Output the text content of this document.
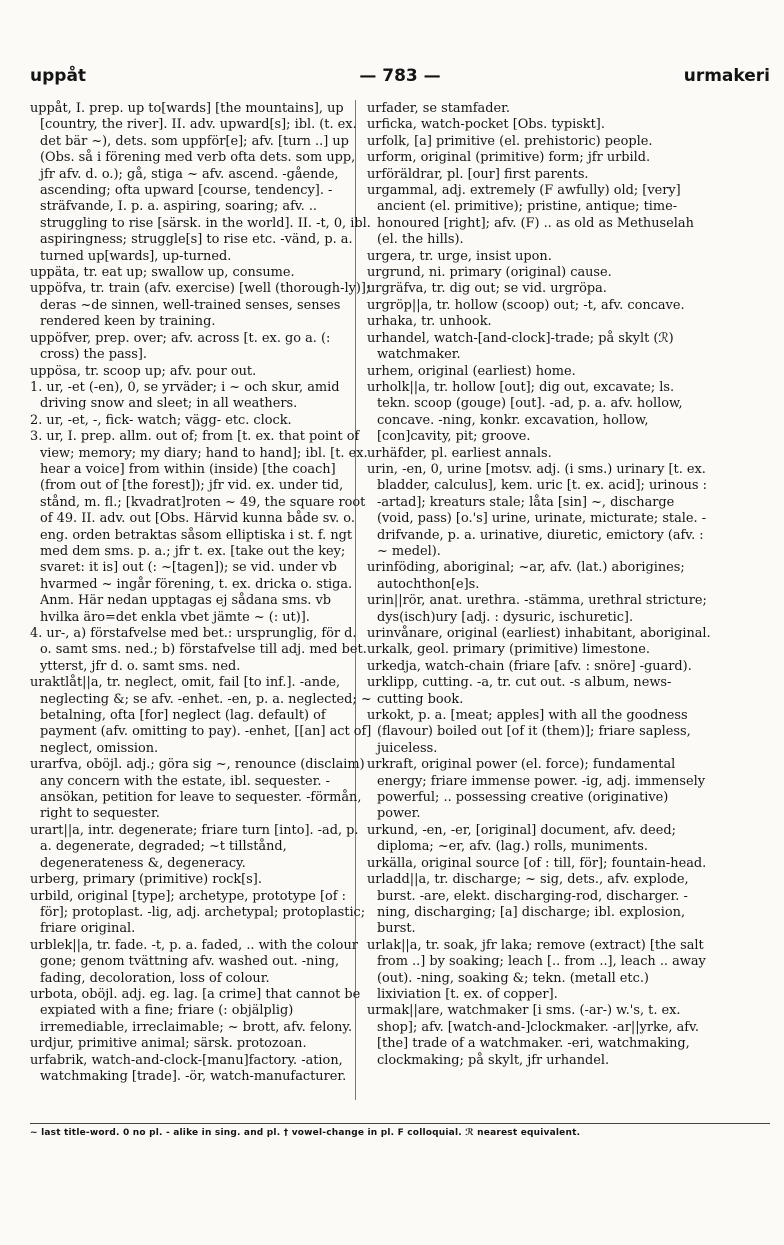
uppåt	— 783 —	urmakeri

uppåt, I. prep. up to[wards] [the mountains], up [country, the river]. II. adv. upward[s]; ibl. (t. ex. det bär ~), dets. som uppför[e]; afv. [turn ..] up (Obs. så i förening med verb ofta dets. som upp, jfr afv. d. o.); gå, stiga ~ afv. ascend. -gående, ascending; ofta upward [course, tendency]. -sträfvande, I. p. a. aspiring, soaring; afv. .. struggling to rise [särsk. in the world]. II. -t, 0, ibl. aspiringness; struggle[s] to rise etc. -vänd, p. a. turned up[wards], up-turned.

uppäta, tr. eat up; swallow up, consume.

uppöfva, tr. train (afv. exercise) [well (thorough-ly)]; deras ~de sinnen, well-trained senses, senses rendered keen by training.

uppöfver, prep. over; afv. across [t. ex. go a. (: cross) the pass].

uppösa, tr. scoop up; afv. pour out.

1. ur, -et (-en), 0, se yrväder; i ~ och skur, amid driving snow and sleet; in all weathers.

2. ur, -et, -, fick- watch; vägg- etc. clock.

3. ur, I. prep. allm. out of; from [t. ex. that point of view; memory; my diary; hand to hand]; ibl. [t. ex. hear a voice] from within (inside) [the coach] (from out of [the forest]); jfr vid. ex. under tid, stånd, m. fl.; [kvadrat]roten ~ 49, the square root of 49. II. adv. out [Obs. Härvid kunna både sv. o. eng. orden betraktas såsom elliptiska i st. f. ngt med dem sms. p. a.; jfr t. ex. [take out the key; svaret: it is] out (: ~[tagen]); se vid. under vb hvarmed ~ ingår förening, t. ex. dricka o. stiga. Anm. Här nedan upptagas ej sådana sms. vb hvilka äro=det enkla vbet jämte ~ (: ut)].

4. ur-, a) förstafvelse med bet.: ursprunglig, för d. o. samt sms. ned.; b) förstafvelse till adj. med bet. ytterst, jfr d. o. samt sms. ned.

uraktlåt||a, tr. neglect, omit, fail [to inf.]. -ande, neglecting &; se afv. -enhet. -en, p. a. neglected; ~ betalning, ofta [for] neglect (lag. default) of payment (afv. omitting to pay). -enhet, [[an] act of] neglect, omission.

urarfva, oböjl. adj.; göra sig ~, renounce (disclaim) any concern with the estate, ibl. sequester. -ansökan, petition for leave to sequester. -förmån, right to sequester.

urart||a, intr. degenerate; friare turn [into]. -ad, p. a. degenerate, degraded; ~t tillstånd, degenerateness &, degeneracy.

urberg, primary (primitive) rock[s].

urbild, original [type]; archetype, prototype [of : för]; protoplast. -lig, adj. archetypal; protoplastic; friare original.

urblek||a, tr. fade. -t, p. a. faded, .. with the colour gone; genom tvättning afv. washed out. -ning, fading, decoloration, loss of colour.

urbota, oböjl. adj. eg. lag. [a crime] that cannot be expiated with a fine; friare (: objälplig) irremediable, irreclaimable; ~ brott, afv. felony.

urdjur, primitive animal; särsk. protozoan.

urfabrik, watch-and-clock-[manu]factory. -ation, watchmaking [trade]. -ör, watch-manufacturer.

urfader, se stamfader.

urficka, watch-pocket [Obs. typiskt].

urfolk, [a] primitive (el. prehistoric) people.

urform, original (primitive) form; jfr urbild.

urföräldrar, pl. [our] first parents.

urgammal, adj. extremely (F awfully) old; [very] ancient (el. primitive); pristine, antique; time-honoured [right]; afv. (F) .. as old as Methuselah (el. the hills).

urgera, tr. urge, insist upon.

urgrund, ni. primary (original) cause.

urgräfva, tr. dig out; se vid. urgröpa.

urgröp||a, tr. hollow (scoop) out; -t, afv. concave.

urhaka, tr. unhook.

urhandel, watch-[and-clock]-trade; på skylt (ℛ) watchmaker.

urhem, original (earliest) home.

urholk||a, tr. hollow [out]; dig out, excavate; ls. tekn. scoop (gouge) [out]. -ad, p. a. afv. hollow, concave. -ning, konkr. excavation, hollow, [con]cavity, pit; groove.

urhäfder, pl. earliest annals.

urin, -en, 0, urine [motsv. adj. (i sms.) urinary [t. ex. bladder, calculus], kem. uric [t. ex. acid]; urinous : -artad]; kreaturs stale; låta [sin] ~, discharge (void, pass) [o.'s] urine, urinate, micturate; stale. -drifvande, p. a. urinative, diuretic, emictory (afv. : ~ medel).

urinföding, aboriginal; ~ar, afv. (lat.) aborigines; autochthon[e]s.

urin||rör, anat. urethra. -stämma, urethral stricture; dys(isch)ury [adj. : dysuric, ischuretic].

urinvånare, original (earliest) inhabitant, aboriginal.

urkalk, geol. primary (primitive) limestone.

urkedja, watch-chain (friare [afv. : snöre] -guard).

urklipp, cutting. -a, tr. cut out. -s album, news-cutting book.

urkokt, p. a. [meat; apples] with all the goodness (flavour) boiled out [of it (them)]; friare sapless, juiceless.

urkraft, original power (el. force); fundamental energy; friare immense power. -ig, adj. immensely powerful; .. possessing creative (originative) power.

urkund, -en, -er, [original] document, afv. deed; diploma; ~er, afv. (lag.) rolls, muniments.

urkälla, original source [of : till, för]; fountain-head.

urladd||a, tr. discharge; ~ sig, dets., afv. explode, burst. -are, elekt. discharging-rod, discharger. -ning, discharging; [a] discharge; ibl. explosion, burst.

urlak||a, tr. soak, jfr laka; remove (extract) [the salt from ..] by soaking; leach [.. from ..], leach .. away (out). -ning, soaking &; tekn. (metall etc.) lixiviation [t. ex. of copper].

urmak||are, watchmaker [i sms. (-ar-) w.'s, t. ex. shop]; afv. [watch-and-]clockmaker. -ar||yrke, afv. [the] trade of a watchmaker. -eri, watchmaking, clockmaking; på skylt, jfr urhandel.

~ last title-word. 0 no pl. - alike in sing. and pl. † vowel-change in pl. F colloquial. ℛ nearest equivalent.
